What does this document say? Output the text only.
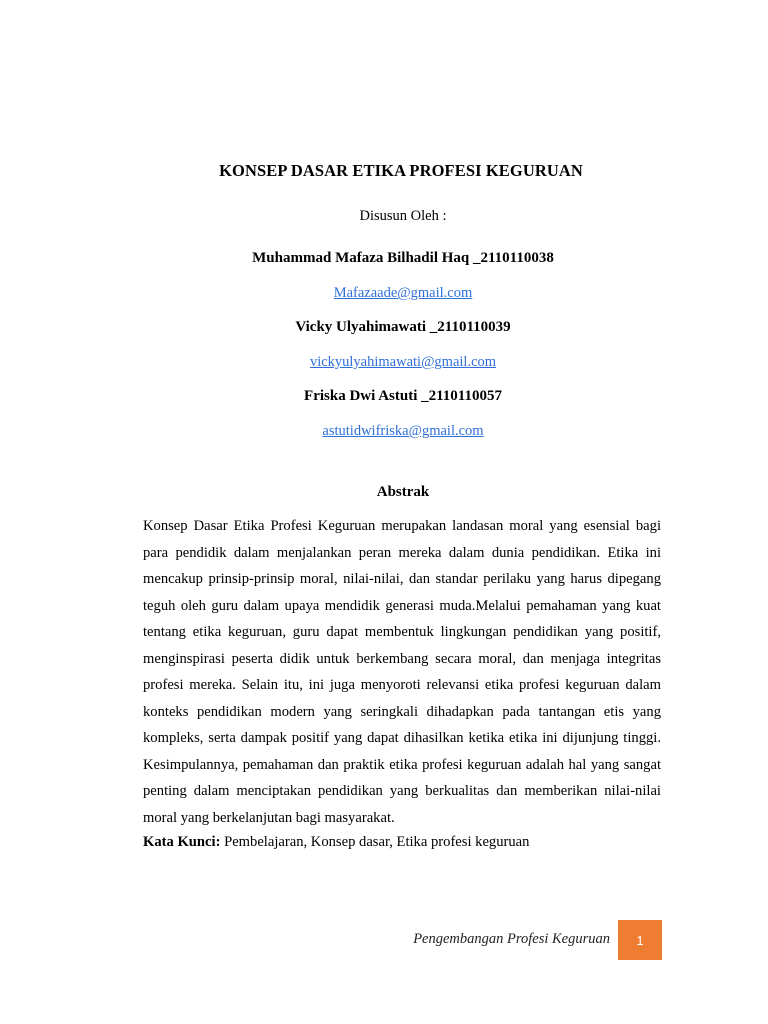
KONSEP DASAR ETIKA PROFESI KEGURUAN
Disusun Oleh :
Muhammad Mafaza Bilhadil Haq _2110110038
Mafazaade@gmail.com
Vicky Ulyahimawati _2110110039
vickyulyahimawati@gmail.com
Friska Dwi Astuti _2110110057
astutidwifriska@gmail.com
Abstrak
Konsep Dasar Etika Profesi Keguruan merupakan landasan moral yang esensial bagi
para pendidik dalam menjalankan peran mereka dalam dunia pendidikan. Etika ini
mencakup prinsip-prinsip moral, nilai-nilai, dan standar perilaku yang harus dipegang
teguh oleh guru dalam upaya mendidik generasi muda.Melalui pemahaman yang kuat
tentang etika keguruan, guru dapat membentuk lingkungan pendidikan yang positif,
menginspirasi peserta didik untuk berkembang secara moral, dan menjaga integritas
profesi mereka. Selain itu, ini juga menyoroti relevansi etika profesi keguruan dalam
konteks pendidikan modern yang seringkali dihadapkan pada tantangan etis yang
kompleks, serta dampak positif yang dapat dihasilkan ketika etika ini dijunjung tinggi.
Kesimpulannya, pemahaman dan praktik etika profesi keguruan adalah hal yang sangat
penting dalam menciptakan pendidikan yang berkualitas dan memberikan nilai-nilai
moral yang berkelanjutan bagi masyarakat.
Kata Kunci: Pembelajaran, Konsep dasar, Etika profesi keguruan
Pengembangan Profesi Keguruan 1
